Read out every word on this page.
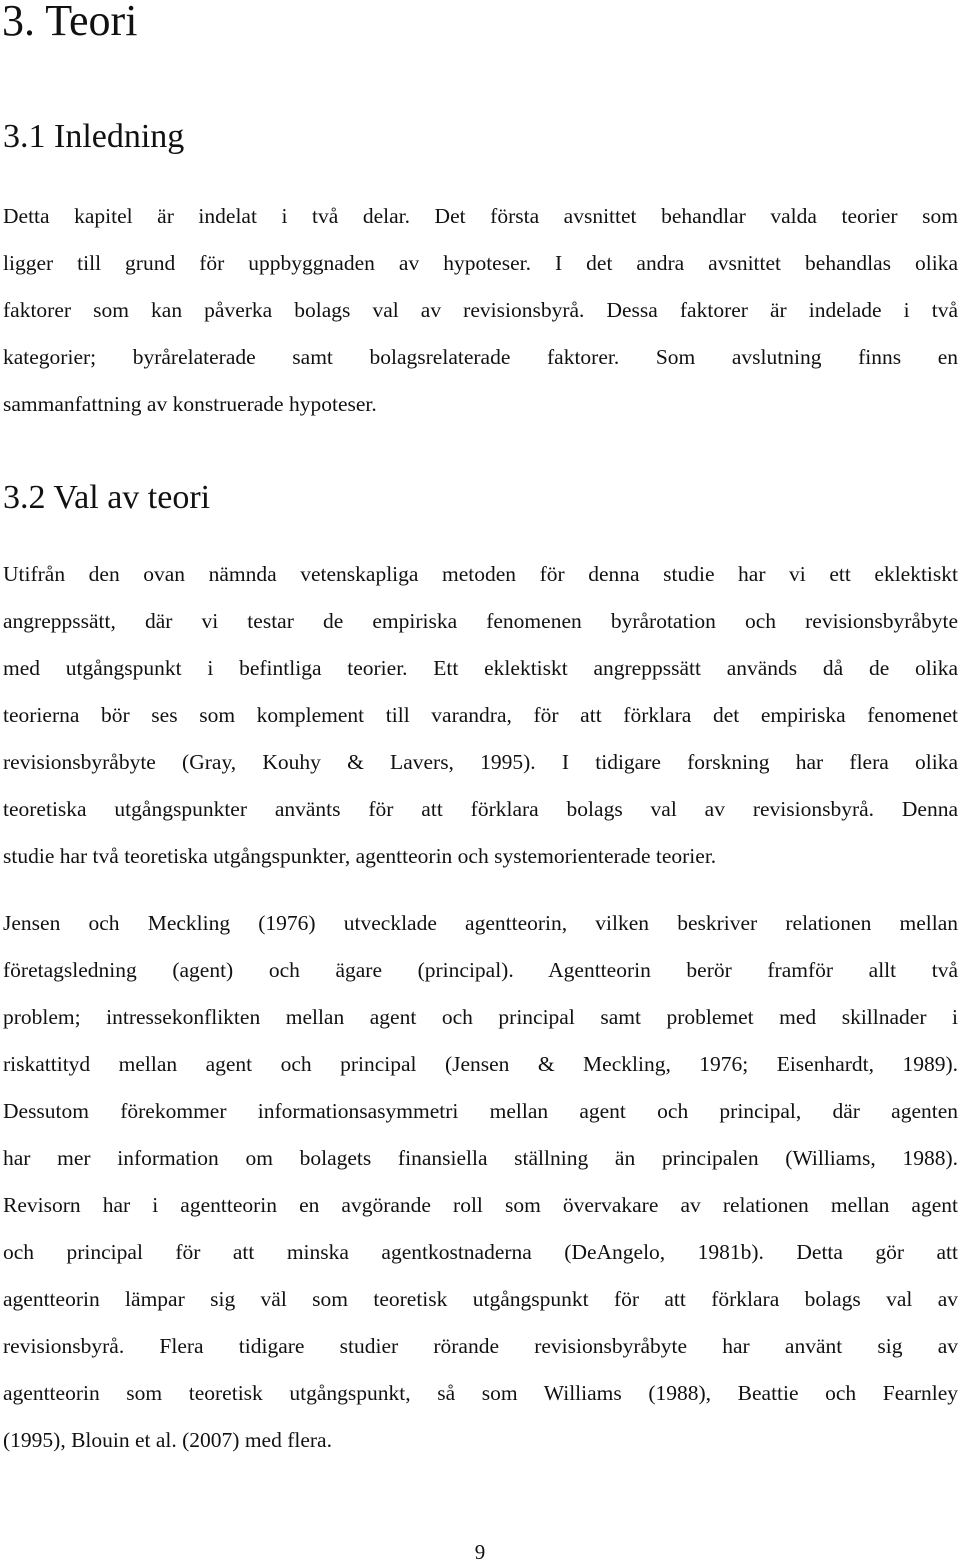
3. Teori
3.1 Inledning

Detta kapitel är indelat i två delar. Det första avsnittet behandlar valda teorier som
ligger till grund för uppbyggnaden av hypoteser. I det andra avsnittet behandlas olika
faktorer som kan påverka bolags val av revisionsbyrå. Dessa faktorer är indelade i två
kategorier; byrårelaterade samt bolagsrelaterade faktorer. Som avslutning finns en
sammanfattning av konstruerade hypoteser.

3.2 Val av teori

Utifrån den ovan nämnda vetenskapliga metoden för denna studie har vi ett eklektiskt
angreppssätt, där vi testar de empiriska fenomenen byrårotation och revisionsbyråbyte
med utgångspunkt i befintliga teorier. Ett eklektiskt angreppssätt används då de olika
teorierna bör ses som komplement till varandra, för att förklara det empiriska fenomenet
revisionsbyråbyte (Gray, Kouhy & Lavers, 1995). I tidigare forskning har flera olika
teoretiska utgångspunkter använts för att förklara bolags val av revisionsbyrå. Denna
studie har två teoretiska utgångspunkter, agentteorin och systemorienterade teorier.

Jensen och Meckling (1976) utvecklade agentteorin, vilken beskriver relationen mellan
företagsledning (agent) och ägare (principal). Agentteorin berör framför allt två
problem; intressekonflikten mellan agent och principal samt problemet med skillnader i
riskattityd mellan agent och principal (Jensen & Meckling, 1976; Eisenhardt, 1989).
Dessutom förekommer informationsasymmetri mellan agent och principal, där agenten
har mer information om bolagets finansiella ställning än principalen (Williams, 1988).
Revisorn har i agentteorin en avgörande roll som övervakare av relationen mellan agent
och principal för att minska agentkostnaderna (DeAngelo, 1981b). Detta gör att
agentteorin lämpar sig väl som teoretisk utgångspunkt för att förklara bolags val av
revisionsbyrå. Flera tidigare studier rörande revisionsbyråbyte har använt sig av
agentteorin som teoretisk utgångspunkt, så som Williams (1988), Beattie och Fearnley
(1995), Blouin et al. (2007) med flera.

9
